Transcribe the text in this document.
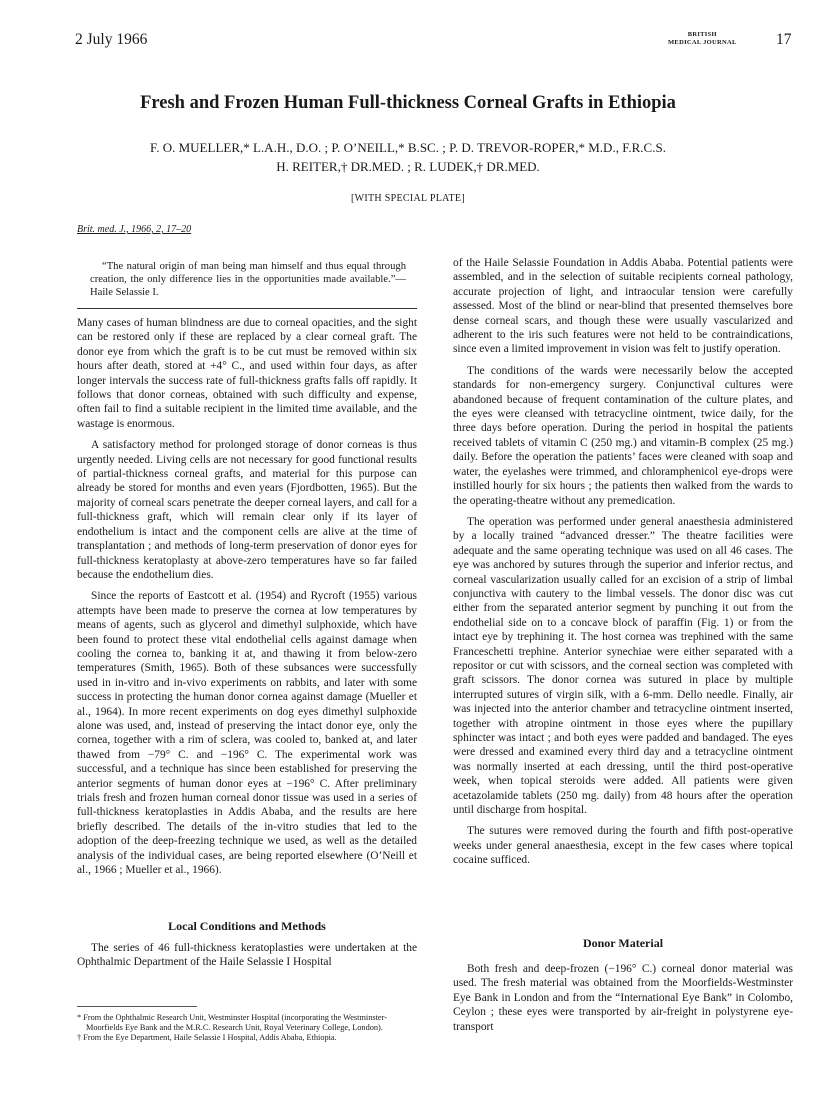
2 July 1966	BRITISH
MEDICAL JOURNAL	17
Fresh and Frozen Human Full-thickness Corneal Grafts in Ethiopia
F. O. MUELLER,* L.A.H., D.O. ; P. O’NEILL,* B.SC. ; P. D. TREVOR-ROPER,* M.D., F.R.C.S.
H. REITER,† DR.MED. ; R. LUDEK,† DR.MED.
[WITH SPECIAL PLATE]
Brit. med. J., 1966, 2, 17–20

“The natural origin of man being man himself and thus equal through creation, the only difference lies in the opportunities made available.”—Haile Selassie I.

Many cases of human blindness are due to corneal opacities, and the sight can be restored only if these are replaced by a clear corneal graft. The donor eye from which the graft is to be cut must be removed within six hours after death, stored at +4° C., and used within four days, as after longer intervals the success rate of full-thickness grafts falls off rapidly. It follows that donor corneas, obtained with such difficulty and expense, often fail to find a suitable recipient in the limited time available, and the wastage is enormous.

A satisfactory method for prolonged storage of donor corneas is thus urgently needed. Living cells are not necessary for good functional results of partial-thickness corneal grafts, and material for this purpose can already be stored for months and even years (Fjordbotten, 1965). But the majority of corneal scars penetrate the deeper corneal layers, and call for a full-thickness graft, which will remain clear only if its layer of endothelium is intact and the component cells are alive at the time of transplantation ; and methods of long-term preservation of donor eyes for full-thickness keratoplasty at above-zero temperatures have so far failed because the endothelium dies.

Since the reports of Eastcott et al. (1954) and Rycroft (1955) various attempts have been made to preserve the cornea at low temperatures by means of agents, such as glycerol and dimethyl sulphoxide, which have been found to protect these vital endothelial cells against damage when cooling the cornea to, banking it at, and thawing it from below-zero temperatures (Smith, 1965). Both of these subsances were successfully used in in-vitro and in-vivo experiments on rabbits, and later with some success in protecting the human donor cornea against damage (Mueller et al., 1964). In more recent experiments on dog eyes dimethyl sulphoxide alone was used, and, instead of preserving the intact donor eye, only the cornea, together with a rim of sclera, was cooled to, banked at, and later thawed from −79° C. and −196° C. The experimental work was successful, and a technique has since been established for preserving the anterior segments of human donor eyes at −196° C. After preliminary trials fresh and frozen human corneal donor tissue was used in a series of full-thickness keratoplasties in Addis Ababa, and the results are here briefly described. The details of the in-vitro studies that led to the adoption of the deep-freezing technique we used, as well as the detailed analysis of the individual cases, are being reported elsewhere (O’Neill et al., 1966 ; Mueller et al., 1966).

Local Conditions and Methods

The series of 46 full-thickness keratoplasties were undertaken at the Ophthalmic Department of the Haile Selassie I Hospital

* From the Ophthalmic Research Unit, Westminster Hospital (incorporating the Westminster-Moorfields Eye Bank and the M.R.C. Research Unit, Royal Veterinary College, London).

† From the Eye Department, Haile Selassie I Hospital, Addis Ababa, Ethiopia.

of the Haile Selassie Foundation in Addis Ababa. Potential patients were assembled, and in the selection of suitable recipients corneal pathology, accurate projection of light, and intraocular tension were carefully assessed. Most of the blind or near-blind that presented themselves bore dense corneal scars, and though these were usually vascularized and adherent to the iris such features were not held to be contraindications, since even a limited improvement in vision was felt to justify operation.

The conditions of the wards were necessarily below the accepted standards for non-emergency surgery. Conjunctival cultures were abandoned because of frequent contamination of the culture plates, and the eyes were cleansed with tetracycline ointment, twice daily, for the three days before operation. During the period in hospital the patients received tablets of vitamin C (250 mg.) and vitamin-B complex (25 mg.) daily. Before the operation the patients’ faces were cleaned with soap and water, the eyelashes were trimmed, and chloramphenicol eye-drops were instilled hourly for six hours ; the patients then walked from the wards to the operating-theatre without any premedication.

The operation was performed under general anaesthesia administered by a locally trained “advanced dresser.” The theatre facilities were adequate and the same operating technique was used on all 46 cases. The eye was anchored by sutures through the superior and inferior rectus, and corneal vascularization usually called for an excision of a strip of limbal conjunctiva with cautery to the limbal vessels. The donor disc was cut either from the separated anterior segment by punching it out from the endothelial side on to a concave block of paraffin (Fig. 1) or from the intact eye by trephining it. The host cornea was trephined with the same Franceschetti trephine. Anterior synechiae were either separated with a repositor or cut with scissors, and the corneal section was completed with graft scissors. The donor cornea was sutured in place by multiple interrupted sutures of virgin silk, with a 6-mm. Dello needle. Finally, air was injected into the anterior chamber and tetracycline ointment inserted, together with atropine ointment in those eyes where the pupillary sphincter was intact ; and both eyes were padded and bandaged. The eyes were dressed and examined every third day and a tetracycline ointment was normally inserted at each dressing, until the third post-operative week, when topical steroids were added. All patients were given acetazolamide tablets (250 mg. daily) from 48 hours after the operation until discharge from hospital.

The sutures were removed during the fourth and fifth post-operative weeks under general anaesthesia, except in the few cases where topical cocaine sufficed.

Donor Material

Both fresh and deep-frozen (−196° C.) corneal donor material was used. The fresh material was obtained from the Moorfields-Westminster Eye Bank in London and from the “International Eye Bank” in Colombo, Ceylon ; these eyes were transported by air-freight in polystyrene eye-transport
